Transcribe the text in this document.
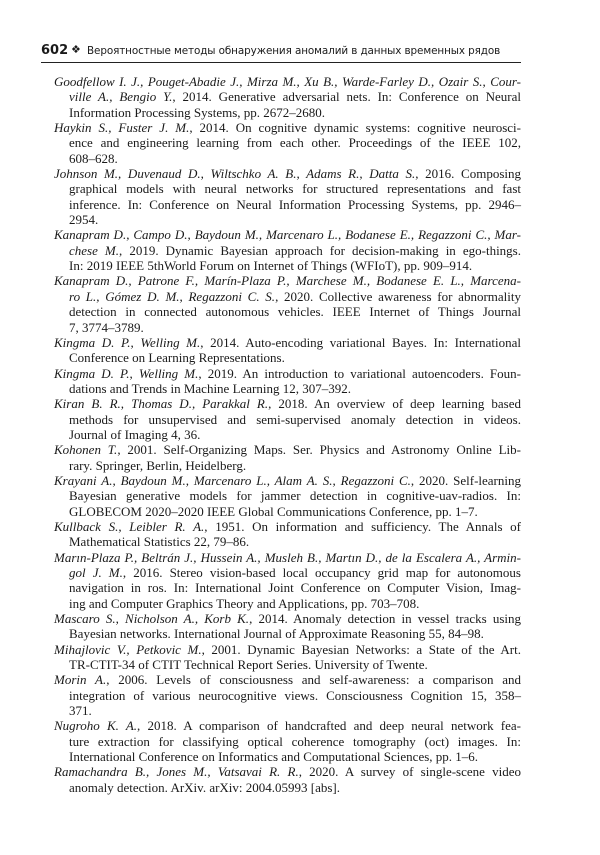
602 ❖ Вероятностные методы обнаружения аномалий в данных временных рядов
Goodfellow I. J., Pouget-Abadie J., Mirza M., Xu B., Warde-Farley D., Ozair S., Cour-
ville A., Bengio Y., 2014. Generative adversarial nets. In: Conference on Neural
Information Processing Systems, pp. 2672–2680.
Haykin S., Fuster J. M., 2014. On cognitive dynamic systems: cognitive neurosci-
ence and engineering learning from each other. Proceedings of the IEEE 102,
608–628.
Johnson M., Duvenaud D., Wiltschko A. B., Adams R., Datta S., 2016. Composing
graphical models with neural networks for structured representations and fast
inference. In: Conference on Neural Information Processing Systems, pp. 2946–
2954.
Kanapram D., Campo D., Baydoun M., Marcenaro L., Bodanese E., Regazzoni C., Mar-
chese M., 2019. Dynamic Bayesian approach for decision-making in ego-things.
In: 2019 IEEE 5thWorld Forum on Internet of Things (WFIoT), pp. 909–914.
Kanapram D., Patrone F., Marín-Plaza P., Marchese M., Bodanese E. L., Marcena-
ro L., Gómez D. M., Regazzoni C. S., 2020. Collective awareness for abnormality
detection in connected autonomous vehicles. IEEE Internet of Things Journal
7, 3774–3789.
Kingma D. P., Welling M., 2014. Auto-encoding variational Bayes. In: International
Conference on Learning Representations.
Kingma D. P., Welling M., 2019. An introduction to variational autoencoders. Foun-
dations and Trends in Machine Learning 12, 307–392.
Kiran B. R., Thomas D., Parakkal R., 2018. An overview of deep learning based
methods for unsupervised and semi-supervised anomaly detection in videos.
Journal of Imaging 4, 36.
Kohonen T., 2001. Self-Organizing Maps. Ser. Physics and Astronomy Online Lib-
rary. Springer, Berlin, Heidelberg.
Krayani A., Baydoun M., Marcenaro L., Alam A. S., Regazzoni C., 2020. Self-learning
Bayesian generative models for jammer detection in cognitive-uav-radios. In:
GLOBECOM 2020–2020 IEEE Global Communications Conference, pp. 1–7.
Kullback S., Leibler R. A., 1951. On information and sufficiency. The Annals of
Mathematical Statistics 22, 79–86.
Marın-Plaza P., Beltrán J., Hussein A., Musleh B., Martın D., de la Escalera A., Armin-
gol J. M., 2016. Stereo vision-based local occupancy grid map for autonomous
navigation in ros. In: International Joint Conference on Computer Vision, Imag-
ing and Computer Graphics Theory and Applications, pp. 703–708.
Mascaro S., Nicholson A., Korb K., 2014. Anomaly detection in vessel tracks using
Bayesian networks. International Journal of Approximate Reasoning 55, 84–98.
Mihajlovic V., Petkovic M., 2001. Dynamic Bayesian Networks: a State of the Art.
TR-CTIT-34 of CTIT Technical Report Series. University of Twente.
Morin A., 2006. Levels of consciousness and self-awareness: a comparison and
integration of various neurocognitive views. Consciousness Cognition 15, 358–
371.
Nugroho K. A., 2018. A comparison of handcrafted and deep neural network fea-
ture extraction for classifying optical coherence tomography (oct) images. In:
International Conference on Informatics and Computational Sciences, pp. 1–6.
Ramachandra B., Jones M., Vatsavai R. R., 2020. A survey of single-scene video
anomaly detection. ArXiv. arXiv: 2004.05993 [abs].
